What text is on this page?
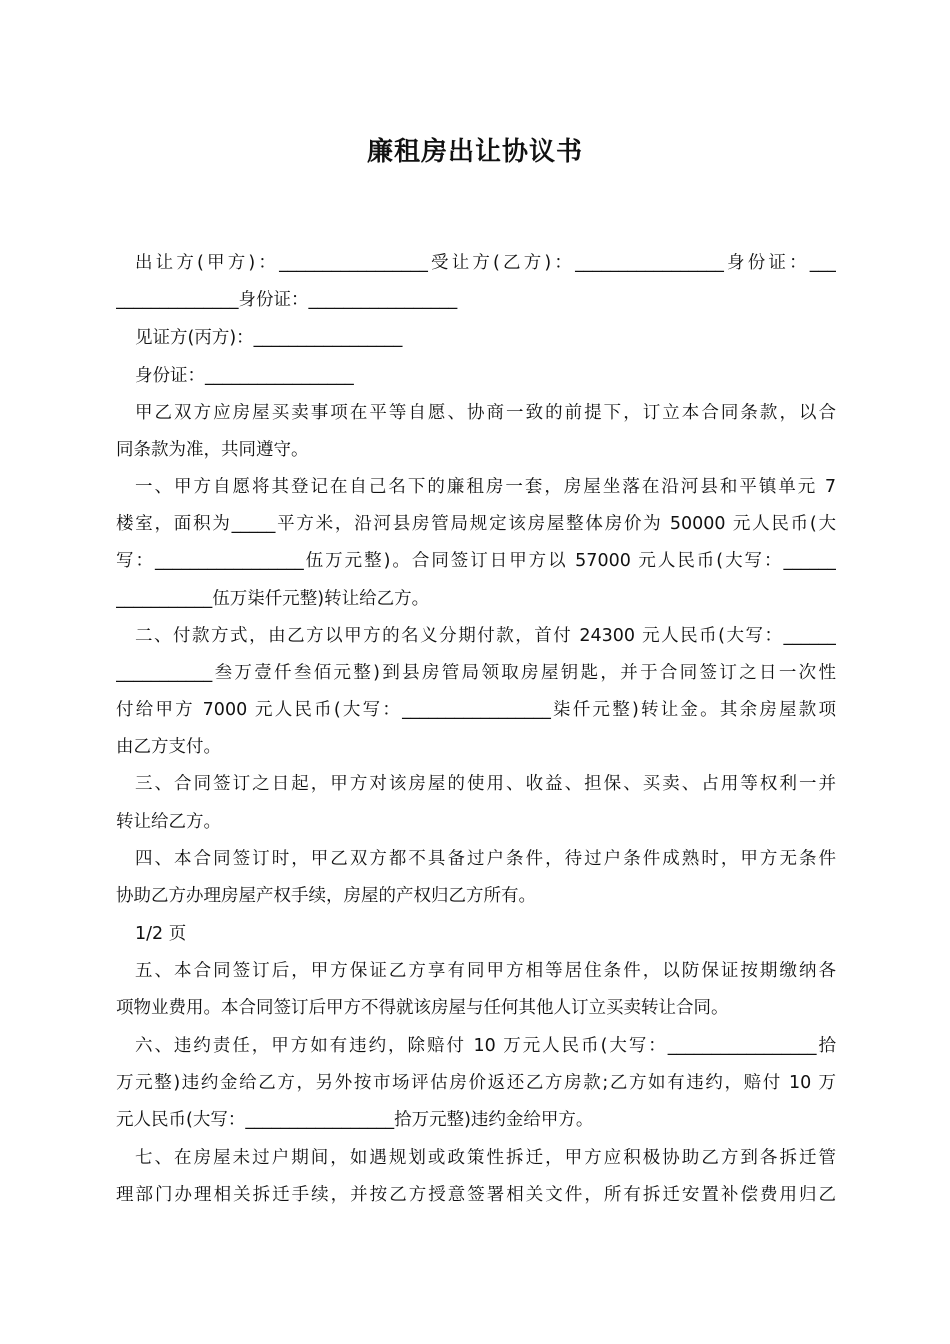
廉租房出让协议书
出让方(甲方)：_________________受让方(乙方)：_________________身份证：___
______________身份证：_________________
见证方(丙方)：_________________
身份证：_________________
甲乙双方应房屋买卖事项在平等自愿、协商一致的前提下，订立本合同条款，以合
同条款为准，共同遵守。
一、甲方自愿将其登记在自己名下的廉租房一套，房屋坐落在沿河县和平镇单元 7
楼室，面积为_____平方米，沿河县房管局规定该房屋整体房价为 50000 元人民币(大
写：_________________伍万元整)。合同签订日甲方以 57000 元人民币(大写：______
___________伍万柒仟元整)转让给乙方。
二、付款方式，由乙方以甲方的名义分期付款，首付 24300 元人民币(大写：______
___________叁万壹仟叁佰元整)到县房管局领取房屋钥匙，并于合同签订之日一次性
付给甲方 7000 元人民币(大写：_________________柒仟元整)转让金。其余房屋款项
由乙方支付。
三、合同签订之日起，甲方对该房屋的使用、收益、担保、买卖、占用等权利一并
转让给乙方。
四、本合同签订时，甲乙双方都不具备过户条件，待过户条件成熟时，甲方无条件
协助乙方办理房屋产权手续，房屋的产权归乙方所有。
1/2 页
五、本合同签订后，甲方保证乙方享有同甲方相等居住条件，以防保证按期缴纳各
项物业费用。本合同签订后甲方不得就该房屋与任何其他人订立买卖转让合同。
六、违约责任，甲方如有违约，除赔付 10 万元人民币(大写：_________________拾
万元整)违约金给乙方，另外按市场评估房价返还乙方房款;乙方如有违约，赔付 10 万
元人民币(大写：_________________拾万元整)违约金给甲方。
七、在房屋未过户期间，如遇规划或政策性拆迁，甲方应积极协助乙方到各拆迁管
理部门办理相关拆迁手续，并按乙方授意签署相关文件，所有拆迁安置补偿费用归乙
